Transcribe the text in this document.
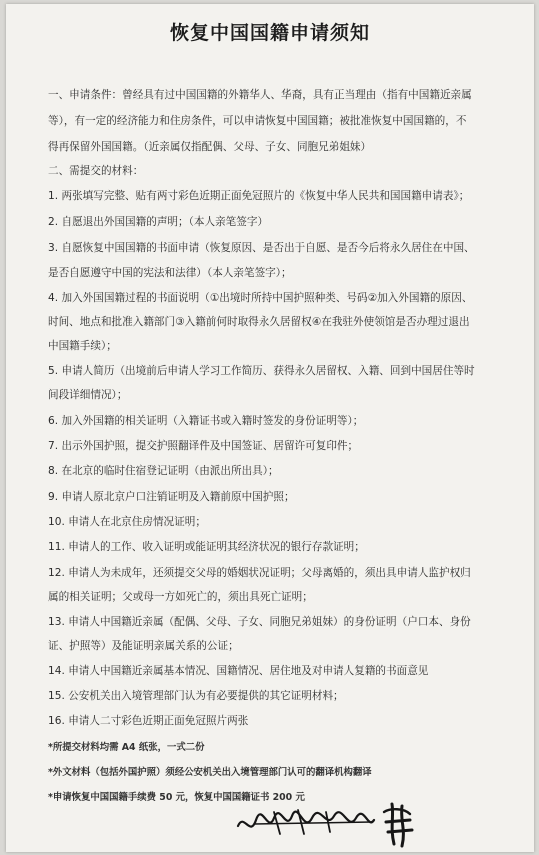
恢复中国国籍申请须知
一、申请条件：曾经具有过中国国籍的外籍华人、华裔，具有正当理由（指有中国籍近亲属
等），有一定的经济能力和住房条件，可以申请恢复中国国籍；被批准恢复中国国籍的，不
得再保留外国国籍。（近亲属仅指配偶、父母、子女、同胞兄弟姐妹）
二、需提交的材料：
1. 两张填写完整、贴有两寸彩色近期正面免冠照片的《恢复中华人民共和国国籍申请表》；
2. 自愿退出外国国籍的声明；（本人亲笔签字）
3. 自愿恢复中国国籍的书面申请（恢复原因、是否出于自愿、是否今后将永久居住在中国、
是否自愿遵守中国的宪法和法律）（本人亲笔签字）；
4. 加入外国国籍过程的书面说明（①出境时所持中国护照种类、号码②加入外国籍的原因、
时间、地点和批准入籍部门③入籍前何时取得永久居留权④在我驻外使领馆是否办理过退出
中国籍手续）；
5. 申请人简历（出境前后申请人学习工作简历、获得永久居留权、入籍、回到中国居住等时
间段详细情况）；
6. 加入外国籍的相关证明（入籍证书或入籍时签发的身份证明等）；
7. 出示外国护照，提交护照翻译件及中国签证、居留许可复印件；
8. 在北京的临时住宿登记证明（由派出所出具）；
9. 申请人原北京户口注销证明及入籍前原中国护照；
10. 申请人在北京住房情况证明；
11. 申请人的工作、收入证明或能证明其经济状况的银行存款证明；
12. 申请人为未成年，还须提交父母的婚姻状况证明；父母离婚的，须出具申请人监护权归
属的相关证明；父或母一方如死亡的，须出具死亡证明；
13. 申请人中国籍近亲属（配偶、父母、子女、同胞兄弟姐妹）的身份证明（户口本、身份
证、护照等）及能证明亲属关系的公证；
14. 申请人中国籍近亲属基本情况、国籍情况、居住地及对申请人复籍的书面意见
15. 公安机关出入境管理部门认为有必要提供的其它证明材料；
16. 申请人二寸彩色近期正面免冠照片两张
*所提交材料均需 A4 纸张，一式二份
*外文材料（包括外国护照）须经公安机关出入境管理部门认可的翻译机构翻译
*申请恢复中国国籍手续费 50 元，恢复中国国籍证书 200 元
